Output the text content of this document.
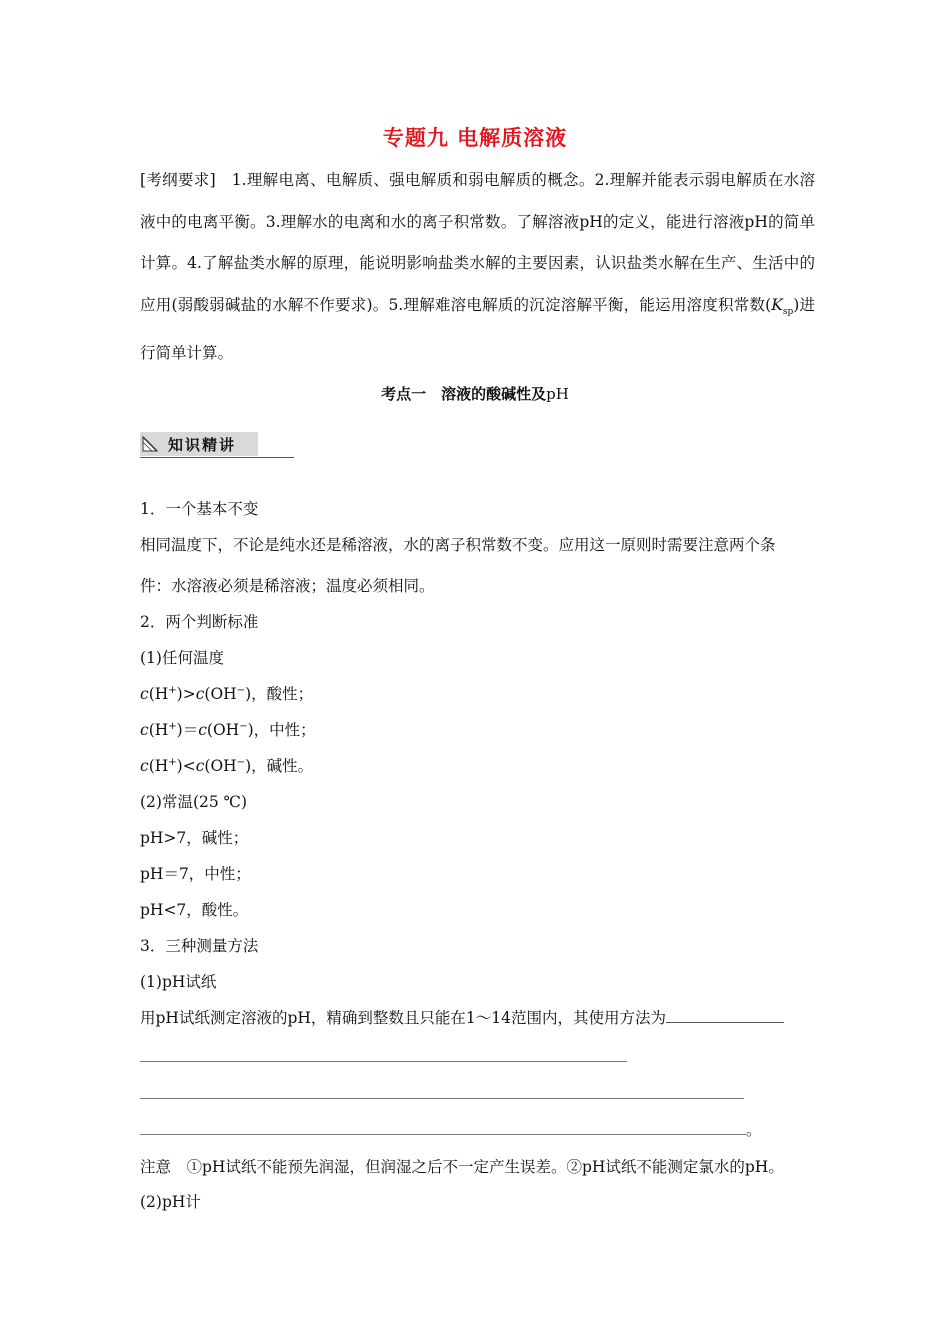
专题九 电解质溶液
[考纲要求]　 1.理解电离、电解质、强电解质和弱电解质的概念。2.理解并能表示弱电解质在水溶液中的电离平衡。3.理解水的电离和水的离子积常数。了解溶液pH的定义，能进行溶液pH的简单计算。4.了解盐类水解的原理，能说明影响盐类水解的主要因素，认识盐类水解在生产、生活中的应用(弱酸弱碱盐的水解不作要求)。5.理解难溶电解质的沉淀溶解平衡，能运用溶度积常数$(K_{sp})$进行简单计算。
考点一　溶液的酸碱性及pH
知识精讲
1．一个基本不变
相同温度下，不论是纯水还是稀溶液，水的离子积常数不变。应用这一原则时需要注意两个条
件：水溶液必须是稀溶液；温度必须相同。
2．两个判断标准
(1)任何温度
c(H+)>c(OH−)，酸性；
c(H+)＝c(OH−)，中性；
c(H+)<c(OH−)，碱性。
(2)常温(25 ℃)
pH>7，碱性；
pH＝7，中性；
pH<7，酸性。
3．三种测量方法
(1)pH试纸
用pH试纸测定溶液的pH，精确到整数且只能在1～14范围内，其使用方法为
。
注意　①pH试纸不能预先润湿，但润湿之后不一定产生误差。②pH试纸不能测定氯水的pH。
(2)pH计
